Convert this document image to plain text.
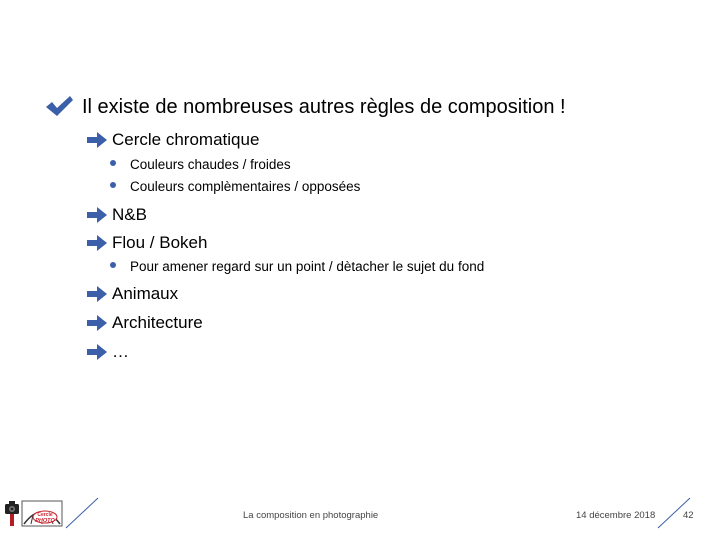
Il existe de nombreuses autres règles de composition !
Cercle chromatique
Couleurs chaudes / froides
Couleurs complèmentaires / opposées
N&B
Flou / Bokeh
Pour amener regard sur un point / dètacher le sujet du fond
Animaux
Architecture
…
Cercle
PHOTO	La composition en photographie	14 décembre 2018	42
